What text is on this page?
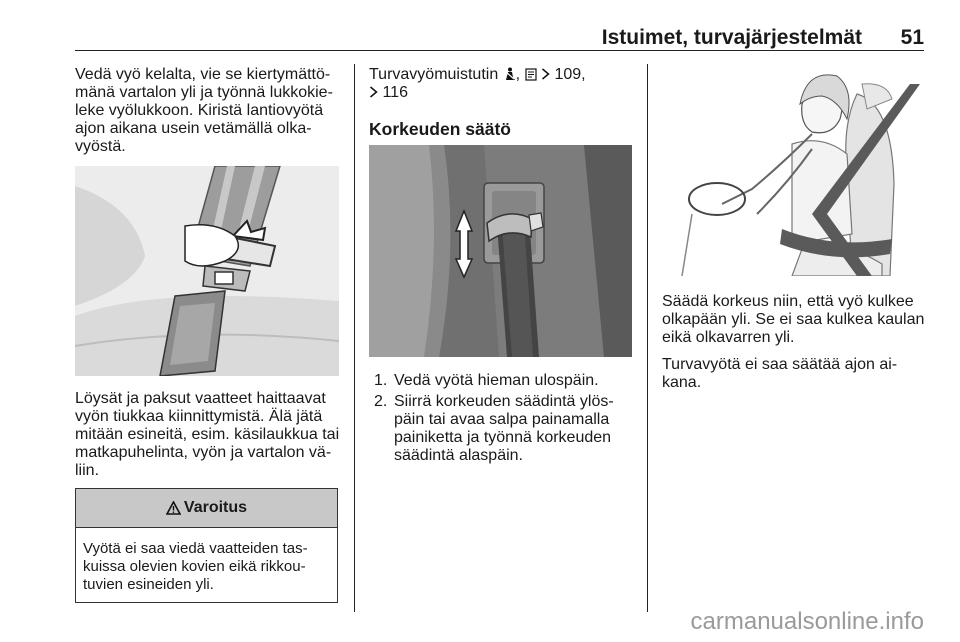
Istuimet, turvajärjestelmät 51

Vedä vyö kelalta, vie se kiertymättömänä vartalon yli ja työnnä lukkokieleke vyölukkoon. Kiristä lantiovyötä ajon aikana usein vetämällä olkavyöstä.

Löysät ja paksut vaatteet haittaavat vyön tiukkaa kiinnittymistä. Älä jätä mitään esineitä, esim. käsilaukkua tai matkapuhelinta, vyön ja vartalon väliin.

Varoitus
Vyötä ei saa viedä vaatteiden taskuissa olevien kovien eikä rikkoutuvien esineiden yli.

Turvavyömuistutin ,   109,
116

Korkeuden säätö
1. Vedä vyötä hieman ulospäin.
2. Siirrä korkeuden säädintä ylöspäin tai avaa salpa painamalla painiketta ja työnnä korkeuden säädintä alaspäin.

Säädä korkeus niin, että vyö kulkee olkapään yli. Se ei saa kulkea kaulan eikä olkavarren yli.

Turvavyötä ei saa säätää ajon aikana.

carmanualsonline.info
